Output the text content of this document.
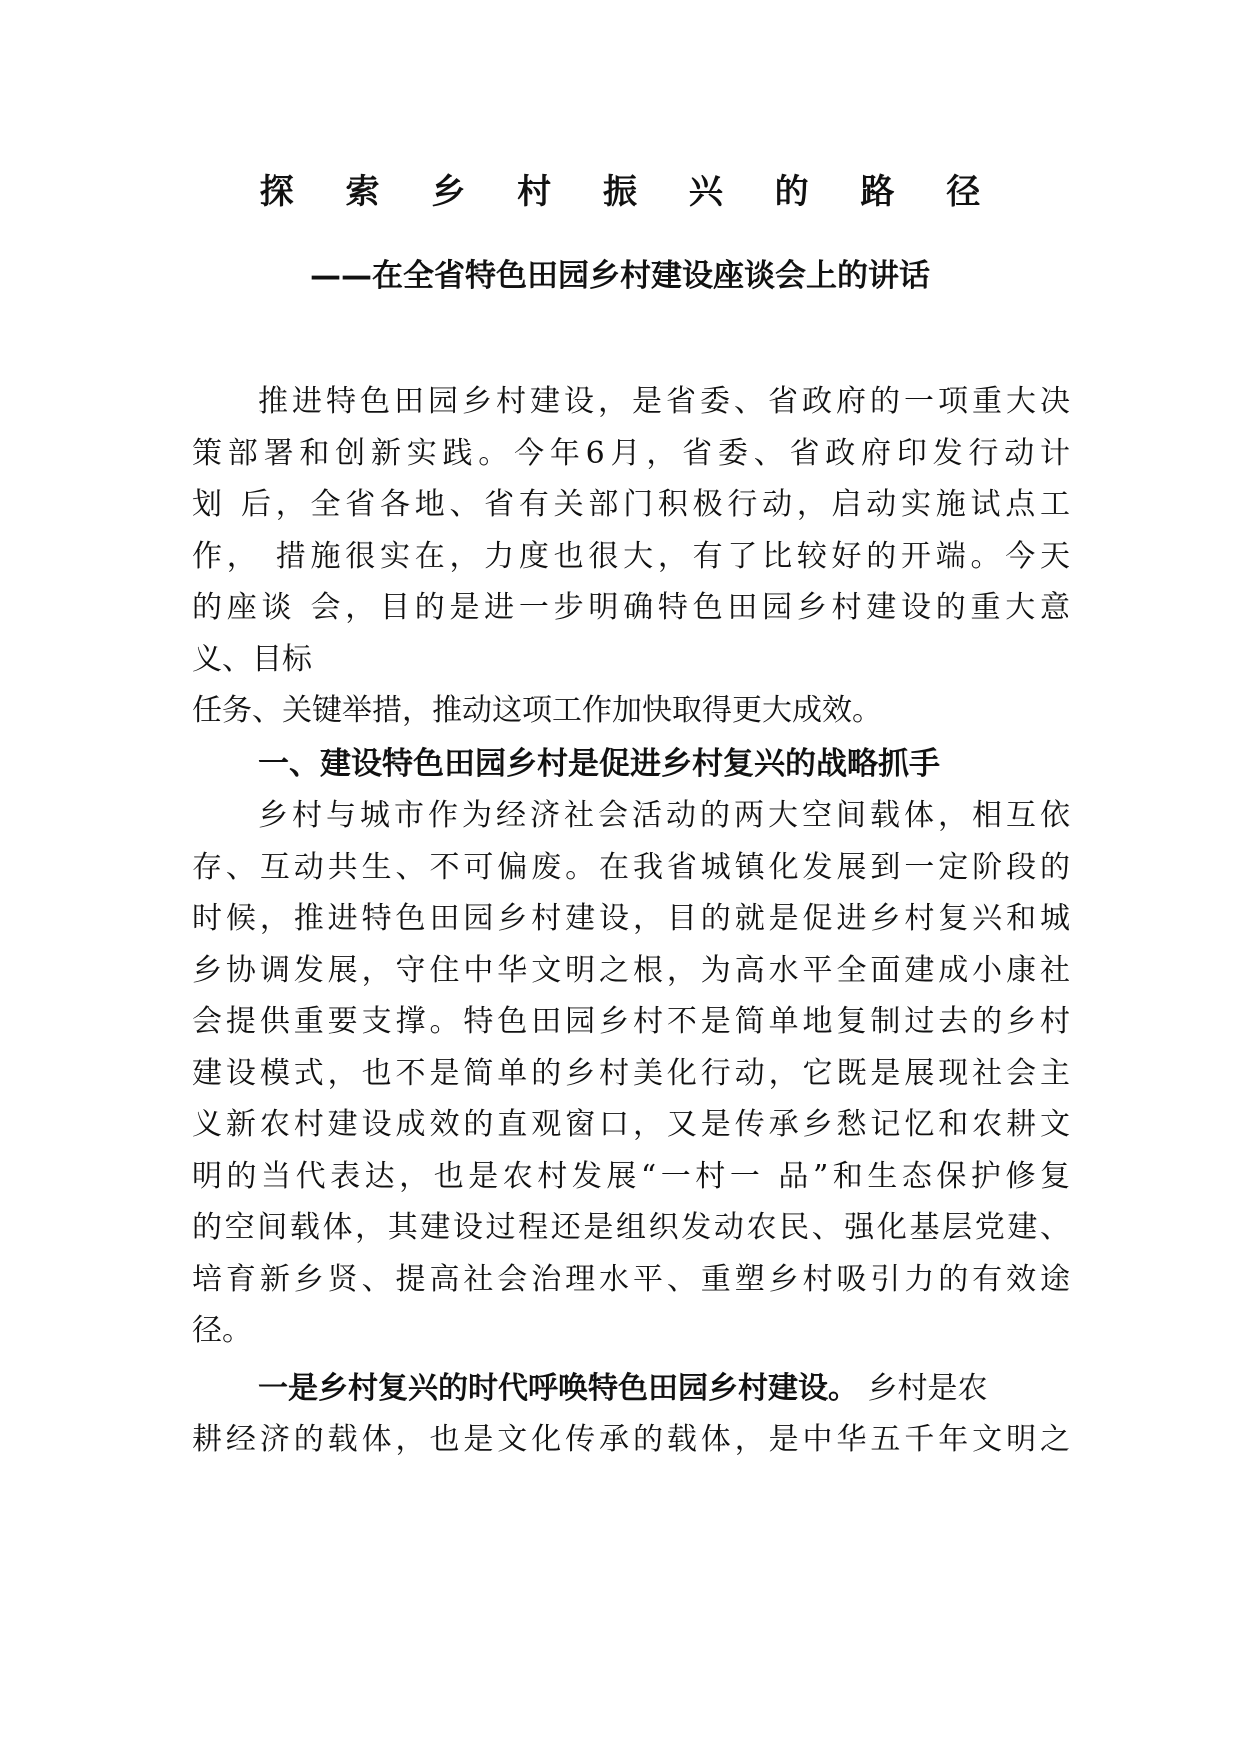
探 索 乡 村 振 兴 的 路 径
——在全省特色田园乡村建设座谈会上的讲话
推进特色田园乡村建设，是省委、省政府的一项重大决
策部署和创新实践。今年6月，省委、省政府印发行动计
划 后，全省各地、省有关部门积极行动，启动实施试点工
作， 措施很实在，力度也很大，有了比较好的开端。今天
的座谈 会，目的是进一步明确特色田园乡村建设的重大意
义、目标
任务、关键举措，推动这项工作加快取得更大成效。
一、建设特色田园乡村是促进乡村复兴的战略抓手
乡村与城市作为经济社会活动的两大空间载体，相互依
存、互动共生、不可偏废。在我省城镇化发展到一定阶段的
时候，推进特色田园乡村建设，目的就是促进乡村复兴和城
乡协调发展，守住中华文明之根，为高水平全面建成小康社
会提供重要支撑。特色田园乡村不是简单地复制过去的乡村
建设模式，也不是简单的乡村美化行动，它既是展现社会主
义新农村建设成效的直观窗口，又是传承乡愁记忆和农耕文
明的当代表达，也是农村发展“一村一 品”和生态保护修复
的空间载体，其建设过程还是组织发动农民、强化基层党建、
培育新乡贤、提高社会治理水平、重塑乡村吸引力的有效途
径。
一是乡村复兴的时代呼唤特色田园乡村建设。 乡村是农
耕经济的载体，也是文化传承的载体，是中华五千年文明之
